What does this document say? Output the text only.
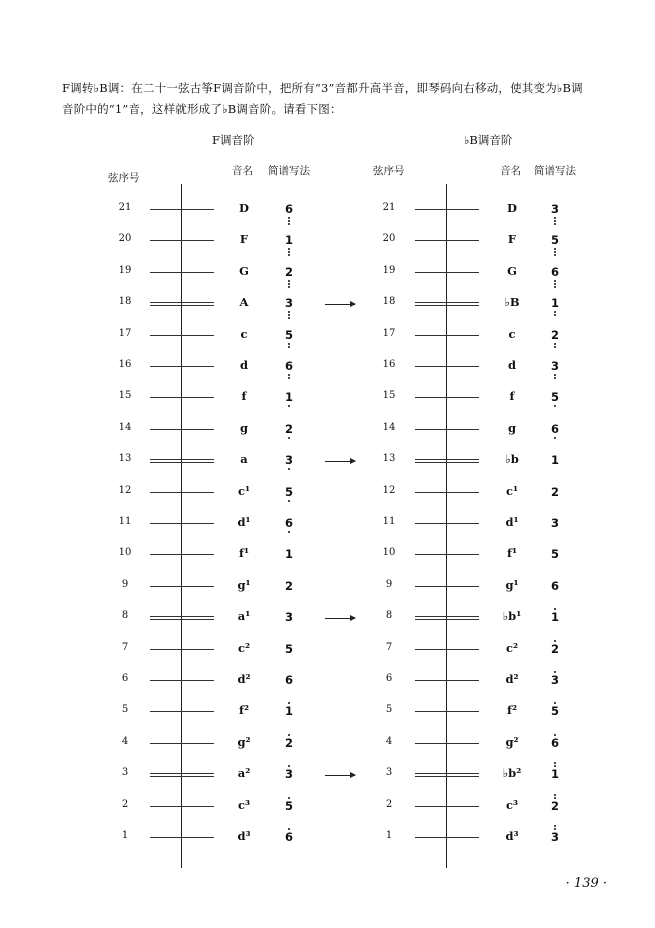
F调转♭B调：在二十一弦古筝F调音阶中，把所有“3”音都升高半音，即琴码向右移动，使其变为♭B调
音阶中的“1”音，这样就形成了♭B调音阶。请看下图：
F调音阶	♭B调音阶
弦序号
音名 简谱写法	弦序号	音名 简谱写法
21	D	6
20	F	1
19	G	2
18	A	3
17	c	5
16	d	6
15	f	1
14	g	2
13	a	3
12	c¹	5
11	d¹	6
10	f¹	1
9	g¹	2
8	a¹	3
7	c²	5
6	d²	6
5	f²	1
4	g²	2
3	a²	3
2	c³	5
1	d³	6
21	D	3
20	F	5
19	G	6
18	♭B	1
17	c	2
16	d	3
15	f	5
14	g	6
13	♭b	1
12	c¹	2
11	d¹	3
10	f¹	5
9	g¹	6
8	♭b¹	1
7	c²	2
6	d²	3
5	f²	5
4	g²	6
3	♭b²	1
2	c³	2
1	d³	3
· 139 ·
